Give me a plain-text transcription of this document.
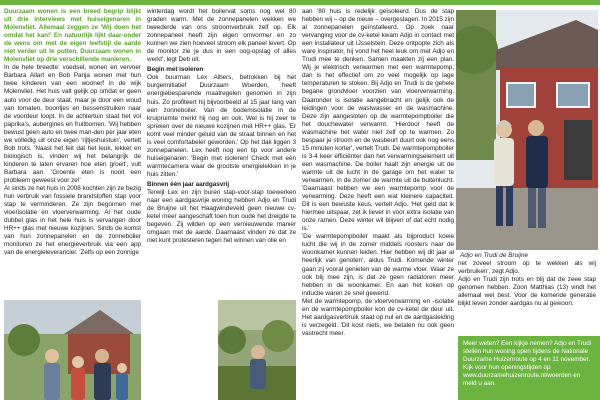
Duurzaam wonen is een breed begrip blijkt uit drie interviews met huiseigenaren in Molenvliet. Allemaal zeggen ze 'Wij doen het omdat het kan!' En natuurlijk lijkt daar-onder de wens om met de eigen leefstijl de aarde niet verder uit te putten. Duurzaam wonen in Molenvliet op drie verschillende manieren.

In de hele breedte: voedsel, wonen en vervoer Barbara Allart en Bob Panja wonen met hun twee kinderen van een woonerf in de wijk Molenvliet. Het huis valt gelijk op omdat er geen auto voor de deur staat, maar je door een woud van tomaten, boontjes en bessenstruiken naar de voordeur loopt. In de achtertuin staat het vol paprika's, aubergines en fruitbomen. 'Wij hebben bewust geen auto en twee man-den per jaar eten we volledig uit onze eigen 'rijtjeshuistuin', vertelt Bob trots. 'Naast het feit dat het leuk, lekker en biologisch is, vinden wij het belangrijk de kinderen te laten ervaren hoe eten groeit', vult Barbara aan. 'Groente eten is nooit een probleem geweest voor ze!'

Al sinds ze het huis in 2008 kochten zijn ze bezig hun verbruik van fossiele brandstoffen stap voor stap te verminderen. Ze zijn begonnen met vloerisolatie en vloerverwarming. Al het oude dubbel glas in het hele huis is vervangen door HR++ glas met nieuwe kozijnen. Sinds de komst van hun zonnepanelen en de zonnebolier monitoren ze het energieverbruik via een app van de energieleverancier. 'Zelfs op een zonnige

winterdag wordt het boilervat soms nog wel 80 graden warm. Met de zonnepanelen wekken we tweederde van ons stroomverbruik zelf op. Elk zonnepaneel heeft zijn eigen omvormer en zo kunnen we zien hoeveel stroom elk paneel levert. Op de monitor zie je dus in een oog-opslag of alles werkt', legt Deb uit.

Begin met isoleren

Ook buurman Lex Albers, betrokken bij het burgerinitiatief Duurzaam Woerden, heeft energiebesparende maatregelen genomen in zijn huis. Zo profiteert hij bijvoorbeeld al 15 jaar lang van een zonneboiler. Van de bodemisolatie in de kruipruimte merkt hij nog en ook. Wel is hij zeer te spreken over de nieuwe kozijnen met HR++ glas. 'Er komt veel minder geluid van de straat binnen en het is veel comfortabeler geworden.' Op het dak liggen 3 zonnepanelen. Lex heeft nog een tip voor andere huiseigenaren: 'Begin met isoleren! Check met een warmtecamera waar de grootste energielekken in je huis zitten.'

Binnen één jaar aardgasvrij

Terwijl Lex en zijn buren stap-voor-stap toewerken naar een aardgasvrije woning hebben Adjo en Trudi de Bruijne uit het Haagwindeveld geen nieuwe cv-ketel meer aangeschaft toen hun oude het dreigde te begeven. Zij wilden op een vernieuwende manier omgaan met de aarde. Daarnaast vinden ze dat ze niet kunt protesteren tegen het winnen van olie en

aan '80 huis is redelijk geïsoleerd. Dus de stap hebben wij – op de nieuw – overgeslagen. In 2015 zijn al zonnepanelen geïnstalleerd. Op zoek naar vervanging voor de cv-ketel kwam Adjo in contact met een installateur uit IJsselstein. Deze ontpopte zich als ware inspirator, hij vond het heel leuk om met Adjo en Trudi mee te denken. Samen maakten zij een plan. Wij je elektrisch verwarmen met een warmtepomp, dan is het effectief om zo veel mogelijk op lage temperaturen te stoken. Bij Adjo en Trudi is de gehele begane grondvloer voorzien van vloerverwarming. Daaronder is isolatie aangebracht en gelijk ook de leidingen voor de wastwasser en de wasmachine. Deze zijn aangesloten op de warmtepompboiler die het douchewater verwarmt. 'Hierdoor heeft de wasmachine het water niet zelf op te warmen. Zo bespaar je stroom en de wasbeurt duurt ook nog eens 15 minuten korter', vertelt Trudi. De warmtepompboiler is 3-4 keer efficiënter dan het verwarmingselement uit een wasmachine. De boiler haalt zijn energie uit de warmte uit de lucht in de garage om het water te verwarmen, in de zomer de warmte uit de buitenlucht. 'Daarnaast hebben we een warmtepomp voor de verwarming. Deze heeft een wat kleinere capaciteit. Dit is een bewuste keus, vertelt Adjo. 'Het geld dat ik hiermee uitspaar, zet ik liever in voor extra isolatie van onze ramen. Deze winter wil blijven of dat echt nodig is.'

'De warmtepompboiler maakt als bijproduct koele lucht die wij in de zomer middels roosters naar de woonkamer kunnen leiden. Hier hebben wij dit jaar al heerlijk van genoten', aldus Trudi. Komende winter gaan zij vooral genieten van de warme vloer. Waar ze ook blij mee zijn, is dat ze geen radiatoren meer hebben in de woonkamer. En aan het koken op inductie waren ze snel gewend.

Met de warmtepomp, de vloerverwarming en -isolatie en de warmtepompboiler kon de cv-ketel de deur uit. Het aardgasverbruik staat op nul en de aardgasleiding is verzegeld. 'Dit kost niets, we betalen nu ook geen vastrecht meer.

Adjo en Trudi de Bruijne

net zoveel stroom op te wekken als wij verbruiken', zegt Adjo.

Adjo en Trudi zijn trots en blij dat de zeee stap genomen hebben. Zoon Matthias (13) vindt het allemaal wel best. Voor de komende generatie blijkt leven zonder aardgas nu al gewoon.

Meer weten? Een kijkje nemen? Adjo en Trudi stellen hun woning open tijdens de Nationale Duurzame Huizenroute op 4 en 11 november. Kijk voor hun openingstijden op www.duurzamehuizenroute.nl/woerden en meld u aan.
